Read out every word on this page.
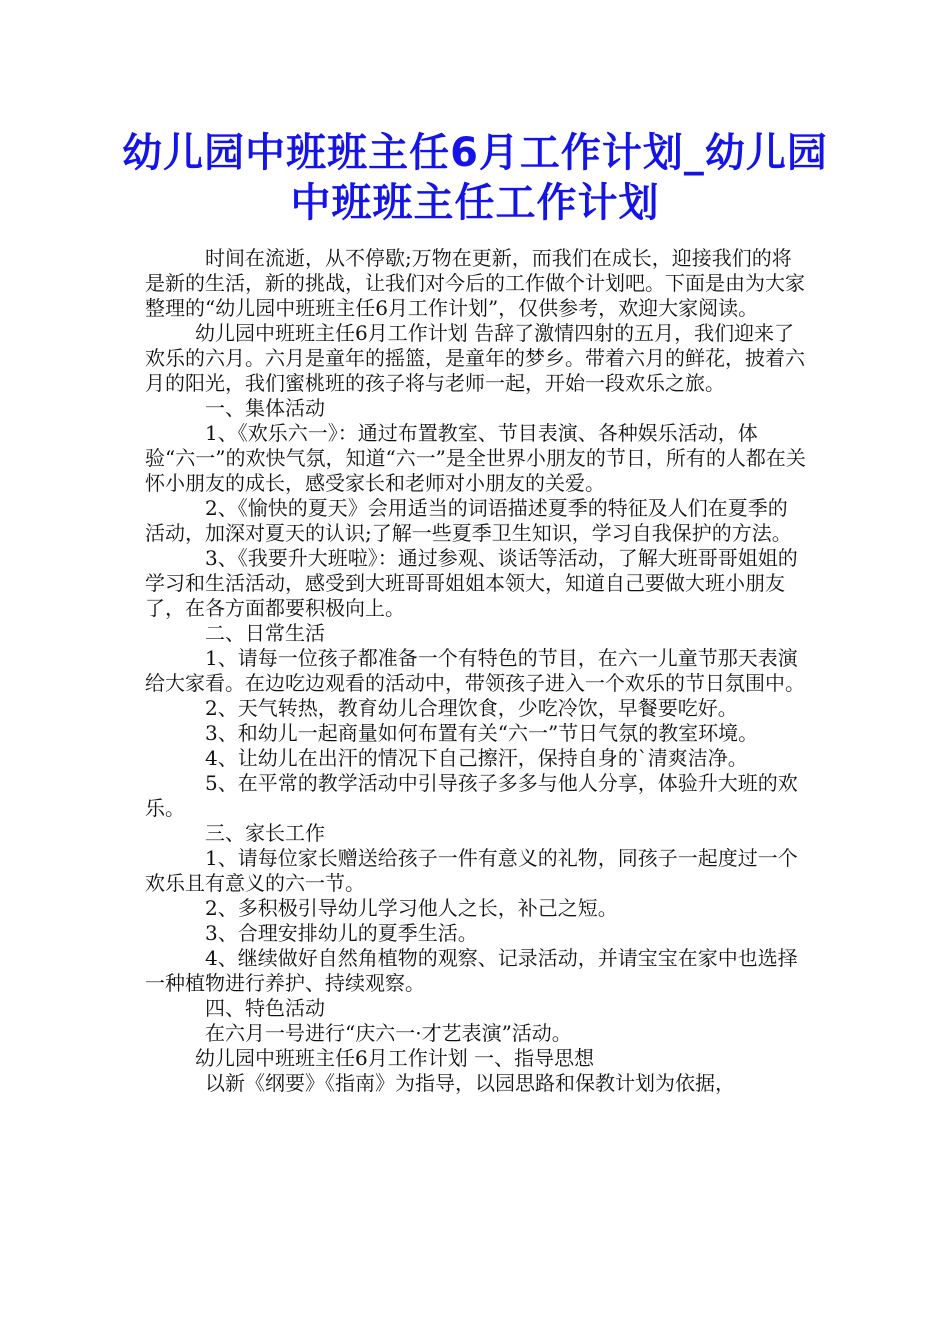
幼儿园中班班主任6月工作计划_幼儿园中班班主任工作计划

时间在流逝，从不停歇;万物在更新，而我们在成长，迎接我们的将是新的生活，新的挑战，让我们对今后的工作做个计划吧。下面是由为大家整理的“幼儿园中班班主任6月工作计划”，仅供参考，欢迎大家阅读。

幼儿园中班班主任6月工作计划 告辞了激情四射的五月，我们迎来了欢乐的六月。六月是童年的摇篮，是童年的梦乡。带着六月的鲜花，披着六月的阳光，我们蜜桃班的孩子将与老师一起，开始一段欢乐之旅。

一、集体活动

1、《欢乐六一》：通过布置教室、节目表演、各种娱乐活动，体验“六一”的欢快气氛，知道“六一”是全世界小朋友的节日，所有的人都在关怀小朋友的成长，感受家长和老师对小朋友的关爱。

2、《愉快的夏天》会用适当的词语描述夏季的特征及人们在夏季的活动，加深对夏天的认识;了解一些夏季卫生知识，学习自我保护的方法。

3、《我要升大班啦》：通过参观、谈话等活动，了解大班哥哥姐姐的学习和生活活动，感受到大班哥哥姐姐本领大，知道自己要做大班小朋友了，在各方面都要积极向上。

二、日常生活

1、请每一位孩子都准备一个有特色的节目，在六一儿童节那天表演给大家看。在边吃边观看的活动中，带领孩子进入一个欢乐的节日氛围中。

2、天气转热，教育幼儿合理饮食，少吃冷饮，早餐要吃好。

3、和幼儿一起商量如何布置有关“六一”节日气氛的教室环境。

4、让幼儿在出汗的情况下自己擦汗，保持自身的`清爽洁净。

5、在平常的教学活动中引导孩子多多与他人分享，体验升大班的欢乐。

三、家长工作

1、请每位家长赠送给孩子一件有意义的礼物，同孩子一起度过一个欢乐且有意义的六一节。

2、多积极引导幼儿学习他人之长，补己之短。

3、合理安排幼儿的夏季生活。

4、继续做好自然角植物的观察、记录活动，并请宝宝在家中也选择一种植物进行养护、持续观察。

四、特色活动

在六月一号进行“庆六一·才艺表演”活动。

幼儿园中班班主任6月工作计划 一、指导思想

以新《纲要》《指南》为指导，以园思路和保教计划为依据，
